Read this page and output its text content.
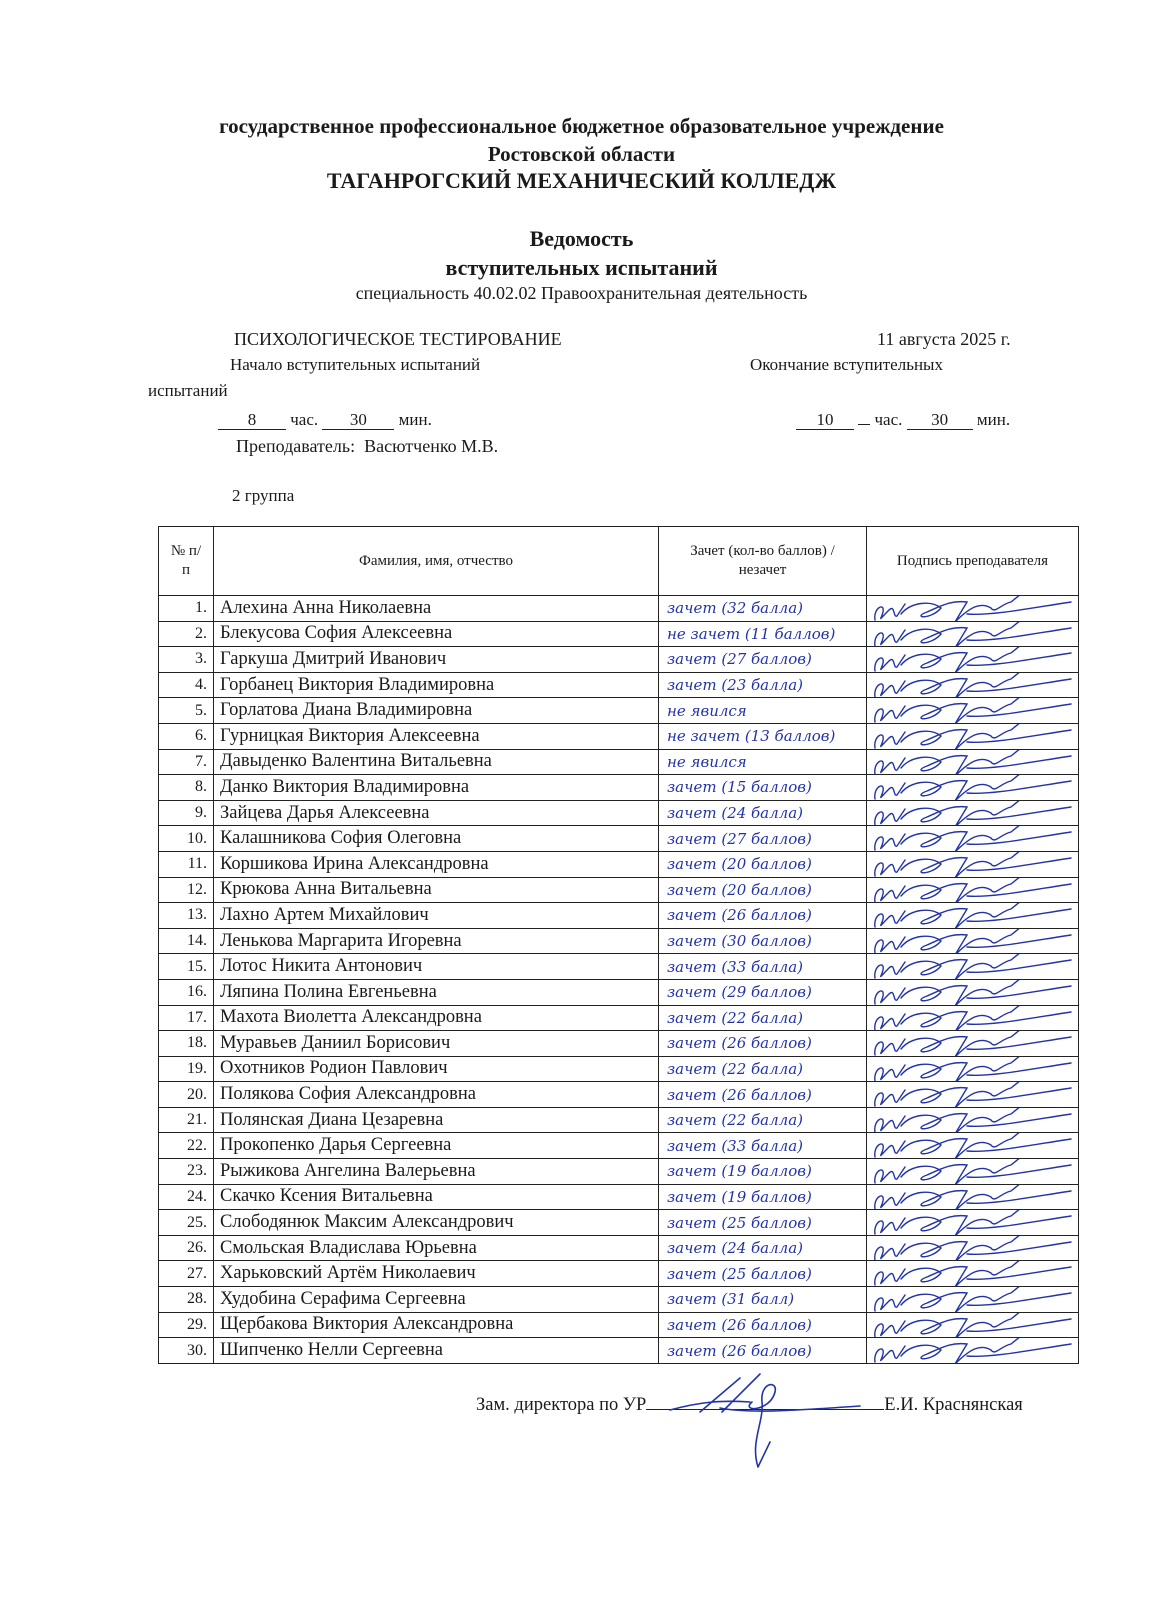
государственное профессиональное бюджетное образовательное учреждение
Ростовской области
ТАГАНРОГСКИЙ МЕХАНИЧЕСКИЙ КОЛЛЕДЖ
Ведомость
вступительных испытаний
специальность 40.02.02 Правоохранительная деятельность
ПСИХОЛОГИЧЕСКОЕ ТЕСТИРОВАНИЕ	11 августа 2025 г.
Начало вступительных испытаний	Окончание вступительных
испытаний
8 час. 30 мин.	10 час. 30 мин.
Преподаватель: Васютченко М.В.
2 группа
№ п/п	Фамилия, имя, отчество	Зачет (кол-во баллов) / незачет	Подпись преподавателя
1.	Алехина Анна Николаевна	зачет (32 балла)	

2.	Блекусова София Алексеевна	не зачет (11 баллов)	

3.	Гаркуша Дмитрий Иванович	зачет (27 баллов)	

4.	Горбанец Виктория Владимировна	зачет (23 балла)	

5.	Горлатова Диана Владимировна	не явился	

6.	Гурницкая Виктория Алексеевна	не зачет (13 баллов)	

7.	Давыденко Валентина Витальевна	не явился	

8.	Данко Виктория Владимировна	зачет (15 баллов)	

9.	Зайцева Дарья Алексеевна	зачет (24 балла)	

10.	Калашникова София Олеговна	зачет (27 баллов)	

11.	Коршикова Ирина Александровна	зачет (20 баллов)	

12.	Крюкова Анна Витальевна	зачет (20 баллов)	

13.	Лахно Артем Михайлович	зачет (26 баллов)	

14.	Ленькова Маргарита Игоревна	зачет (30 баллов)	

15.	Лотос Никита Антонович	зачет (33 балла)	

16.	Ляпина Полина Евгеньевна	зачет (29 баллов)	

17.	Махота Виолетта Александровна	зачет (22 балла)	

18.	Муравьев Даниил Борисович	зачет (26 баллов)	

19.	Охотников Родион Павлович	зачет (22 балла)	

20.	Полякова София Александровна	зачет (26 баллов)	

21.	Полянская Диана Цезаревна	зачет (22 балла)	

22.	Прокопенко Дарья Сергеевна	зачет (33 балла)	

23.	Рыжикова Ангелина Валерьевна	зачет (19 баллов)	

24.	Скачко Ксения Витальевна	зачет (19 баллов)	

25.	Слободянюк Максим Александрович	зачет (25 баллов)	

26.	Смольская Владислава Юрьевна	зачет (24 балла)	

27.	Харьковский Артём Николаевич	зачет (25 баллов)	

28.	Худобина Серафима Сергеевна	зачет (31 балл)	

29.	Щербакова Виктория Александровна	зачет (26 баллов)	

30.	Шипченко Нелли Сергеевна	зачет (26 баллов)	
Зам. директора по УР	Е.И. Краснянская
